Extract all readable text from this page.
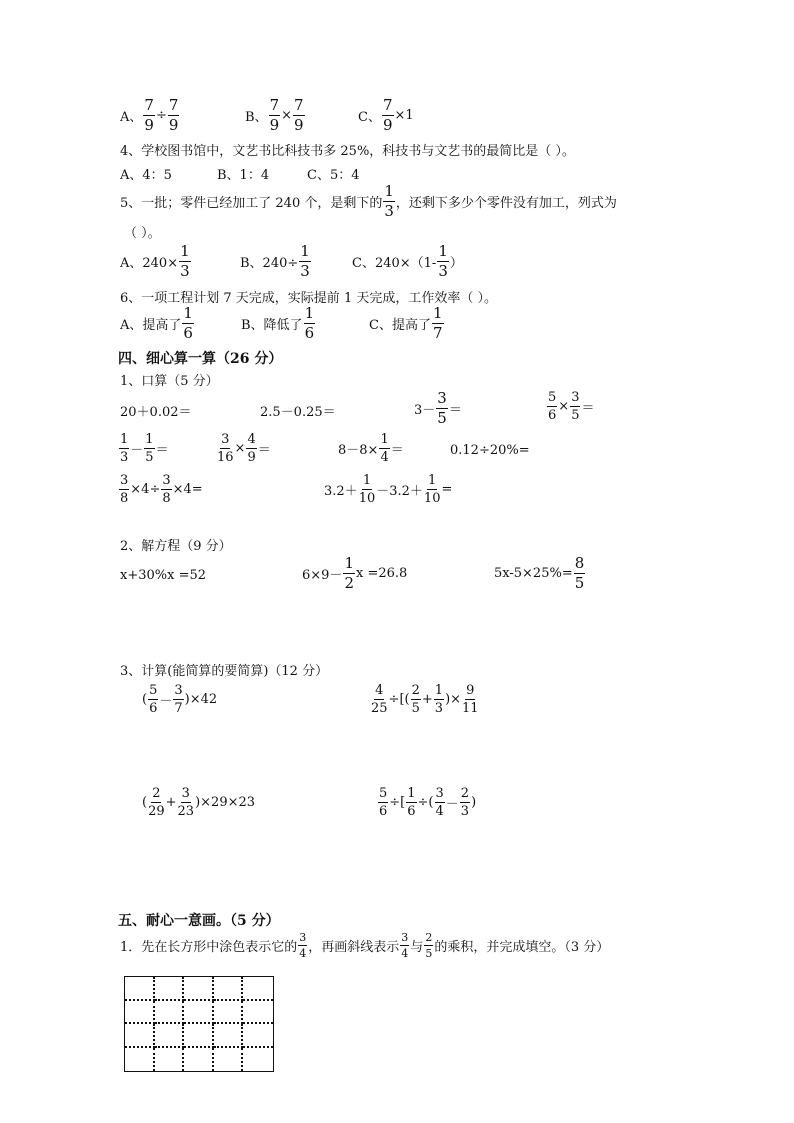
A、 $\frac{7}{9} \div \frac{7}{9}$	B、 $\frac{7}{9} \times \frac{7}{9}$	C、 $\frac{7}{9} \times 1$
4、学校图书馆中，文艺书比科技书多 25%，科技书与文艺书的最简比是（ ）。
A、4：5	B、1：4	C、5：4
5、一批；零件已经加工了 240 个，是剩下的 $\frac{1}{3}$ ，还剩下多少个零件没有加工，列式为
（ ）。
A、$240\times \frac{1}{3}$	B、$240\div \frac{1}{3}$	C、$240\times(1- \frac{1}{3}$ ）
6、一项工程计划 7 天完成，实际提前 1 天完成，工作效率（ ）。
A、提高了 $\frac{1}{6}$	B、降低了 $\frac{1}{6}$	C、提高了 $\frac{1}{7}$
四、细心算一算（26 分）
1、口算（5 分）
20＋0.02＝	2.5－0.25＝	$3- \frac{3}{5}$ ＝	$\frac{5}{6} \times \frac{3}{5}$ ＝
$\frac{1}{3} - \frac{1}{5}$ ＝	$\frac{3}{16} \times \frac{4}{9}$ ＝	$8-8\times \frac{1}{4}$ ＝	0.12÷20%=
$\frac{3}{8} \times 4\div \frac{3}{8} \times 4=$	$3.2+ \frac{1}{10} -3.2+ \frac{1}{10}$ =
2、解方程（9 分）
x+30%x =52	$6\times 9- \frac{1}{2}$ x =26.8	$5x-5\times 25\%= \frac{8}{5}$
3、计算(能简算的要简算)（12 分）
( $\frac{5}{6} - \frac{3}{7} )\times 42$	$\frac{4}{25}$ ÷[( $\frac{2}{5} + \frac{1}{3}$ )× $\frac{9}{11}$
( $\frac{2}{29} + \frac{3}{23} )\times 29\times 23$	$\frac{5}{6}$ ÷[ $\frac{1}{6}$ ÷( $\frac{3}{4} - \frac{2}{3}$ )
五、耐心一意画。（5 分）
1．先在长方形中涂色表示它的 $\frac{3}{4}$ ，再画斜线表示 $\frac{3}{4}$ 与 $\frac{2}{5}$ 的乘积，并完成填空。（3 分）
